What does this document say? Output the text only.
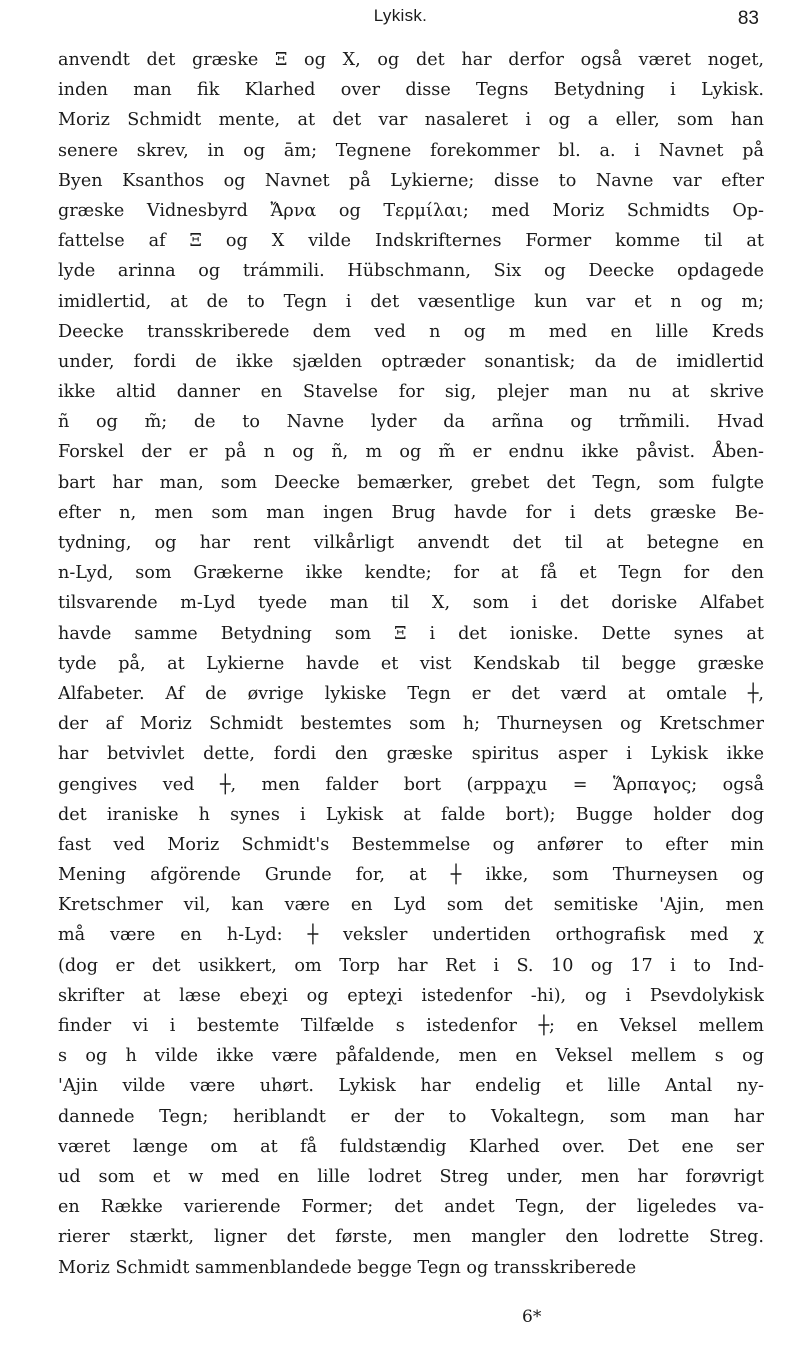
Lykisk.	83
anvendt det græske Ξ og X, og det har derfor også været noget,
inden man fik Klarhed over disse Tegns Betydning i Lykisk.
Moriz Schmidt mente, at det var nasaleret i og a eller, som han
senere skrev, in og ām; Tegnene forekommer bl. a. i Navnet på
Byen Ksanthos og Navnet på Lykierne; disse to Navne var efter
græske Vidnesbyrd Ἄρνα og Τερμίλαι; med Moriz Schmidts Op-
fattelse af Ξ og X vilde Indskrifternes Former komme til at
lyde arinna og trámmili. Hübschmann, Six og Deecke opdagede
imidlertid, at de to Tegn i det væsentlige kun var et n og m;
Deecke transskriberede dem ved n og m med en lille Kreds
under, fordi de ikke sjælden optræder sonantisk; da de imidlertid
ikke altid danner en Stavelse for sig, plejer man nu at skrive
ñ og m̃; de to Navne lyder da arñna og trm̃mili. Hvad
Forskel der er på n og ñ, m og m̃ er endnu ikke påvist. Åben-
bart har man, som Deecke bemærker, grebet det Tegn, som fulgte
efter n, men som man ingen Brug havde for i dets græske Be-
tydning, og har rent vilkårligt anvendt det til at betegne en
n-Lyd, som Grækerne ikke kendte; for at få et Tegn for den
tilsvarende m-Lyd tyede man til X, som i det doriske Alfabet
havde samme Betydning som Ξ i det ioniske. Dette synes at
tyde på, at Lykierne havde et vist Kendskab til begge græske
Alfabeter. Af de øvrige lykiske Tegn er det værd at omtale ┼,
der af Moriz Schmidt bestemtes som h; Thurneysen og Kretschmer
har betvivlet dette, fordi den græske spiritus asper i Lykisk ikke
gengives ved ┼, men falder bort (arppaχu = Ἅρπαγος; også
det iraniske h synes i Lykisk at falde bort); Bugge holder dog
fast ved Moriz Schmidt's Bestemmelse og anfører to efter min
Mening afgörende Grunde for, at ┼ ikke, som Thurneysen og
Kretschmer vil, kan være en Lyd som det semitiske 'Ajin, men
må være en h-Lyd: ┼ veksler undertiden orthografisk med χ
(dog er det usikkert, om Torp har Ret i S. 10 og 17 i to Ind-
skrifter at læse ebeχi og epteχi istedenfor -hi), og i Psevdolykisk
finder vi i bestemte Tilfælde s istedenfor ┼; en Veksel mellem
s og h vilde ikke være påfaldende, men en Veksel mellem s og
'Ajin vilde være uhørt. Lykisk har endelig et lille Antal ny-
dannede Tegn; heriblandt er der to Vokaltegn, som man har
været længe om at få fuldstændig Klarhed over. Det ene ser
ud som et w med en lille lodret Streg under, men har forøvrigt
en Række varierende Former; det andet Tegn, der ligeledes va-
rierer stærkt, ligner det første, men mangler den lodrette Streg.
Moriz Schmidt sammenblandede begge Tegn og transskriberede
6*
